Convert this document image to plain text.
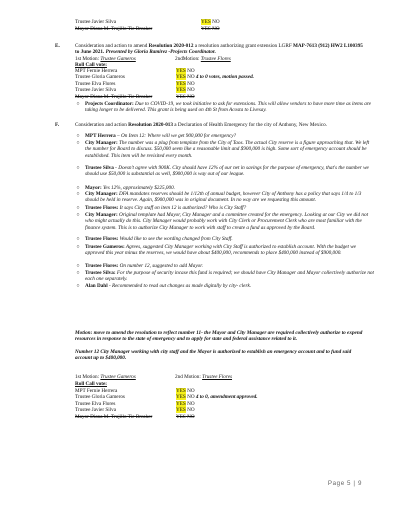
Trustee Javier Silva	YES NO
Mayor Diana M. Trujillo Tie Breaker	YES NO
E.	Consideration and action to amend Resolution 2020-012 a resolution authorizing grant extension LGRF MAP-7613 (912) HW2 L100395 to June 2021. Presented by Gloria Ramirez -Projects Coordinator.
1st Motion: Trustee Gameros	2ndMotion: Trustee Flores
Roll Call vote:
MPT Fernie Herrera	YES NO
Trustee Gloria Gameros	YES NO 4 to 0 votes, motion passed.
Trustee Elva Flores	YES NO
Trustee Javier Silva	YES NO
Mayor Diana M. Trujillo Tie Breaker	YES NO
○ Projects Coordinator: Due to COVID-19, we took initiative to ask for extensions. This will allow vendors to have more time as items are taking longer to be delivered. This grant is being used on 4th St from Acosta to Livesay.
F.	Consideration and action Resolution 2020-013 a Declaration of Health Emergency for the city of Anthony, New Mexico.
○ MPT Herrera – On Item 12: Where will we get 900,000 for emergency?
○ City Manager: The number was a plug from template from the City of Taos. The actual City reserve is a figure approaching that. We left the number for Board to discuss. $50,000 seem like a reasonable limit and $900,000 is high. Some sort of emergency account should be established. This item will be revisited every month.
○ Trustee Silva - Doesn't agree with 900K. City should have 12% of our net in savings for the purpose of emergency, that's the number we should use $50,000 is substantial as well, $900,000 is way out of our league.
○ Mayor: Yes 12%, approximately $225,000.
○ City Manager: DFA mandates reserves should be 1/12th of annual budget, however City of Anthony has a policy that says 1/4 to 1/3 should be held in reserve. Again, $900,000 was in original document. In no way are we requesting this amount.
○ Trustee Flores: It says City staff on item 12 is authorized? Who is City Staff?
○ City Manager: Original template had Mayor, City Manager and a committee created for the emergency. Looking at our City we did not who might actually do this. City Manager would probably work with City Clerk or Procurement Clerk who are most familiar with the finance system. This is to authorize City Manager to work with staff to create a fund as approved by the Board.
○ Trustee Flores: Would like to see the wording changed from City Staff.
○ Trustee Gameros: Agrees, suggested City Manager working with City Staff is authorized to establish account. With the budget we approved this year minus the reserves, we would have about $400,000, recommends to place $400,000 instead of $900,000.
○ Trustee Flores: On number 12, suggested to add Mayor.
○ Trustee Silva: For the purpose of security incase this fund is required; we should have City Manager and Mayor collectively authorize not each one separately.
○ Alan Dahl - Recommended to read out changes as made digitally by city- clerk.
Motion: move to amend the resolution to reflect number 11- the Mayor and City Manager are required collectively authorize to expend resources in response to the state of emergency and to apply for state and federal assistance related to it.
Number 12 City Manager working with city staff and the Mayor is authorized to establish an emergency account and to fund said account up to $400,000.
1st Motion: Trustee Gameros	2nd Motion: Trustee Flores
Roll Call vote:
MPT Fernie Herrera	YES NO
Trustee Gloria Gameros	YES NO 4 to 0, amendment approved.
Trustee Elva Flores	YES NO
Trustee Javier Silva	YES NO
Mayor Diana M. Trujillo Tie Breaker	YES NO
Page 5 | 9
